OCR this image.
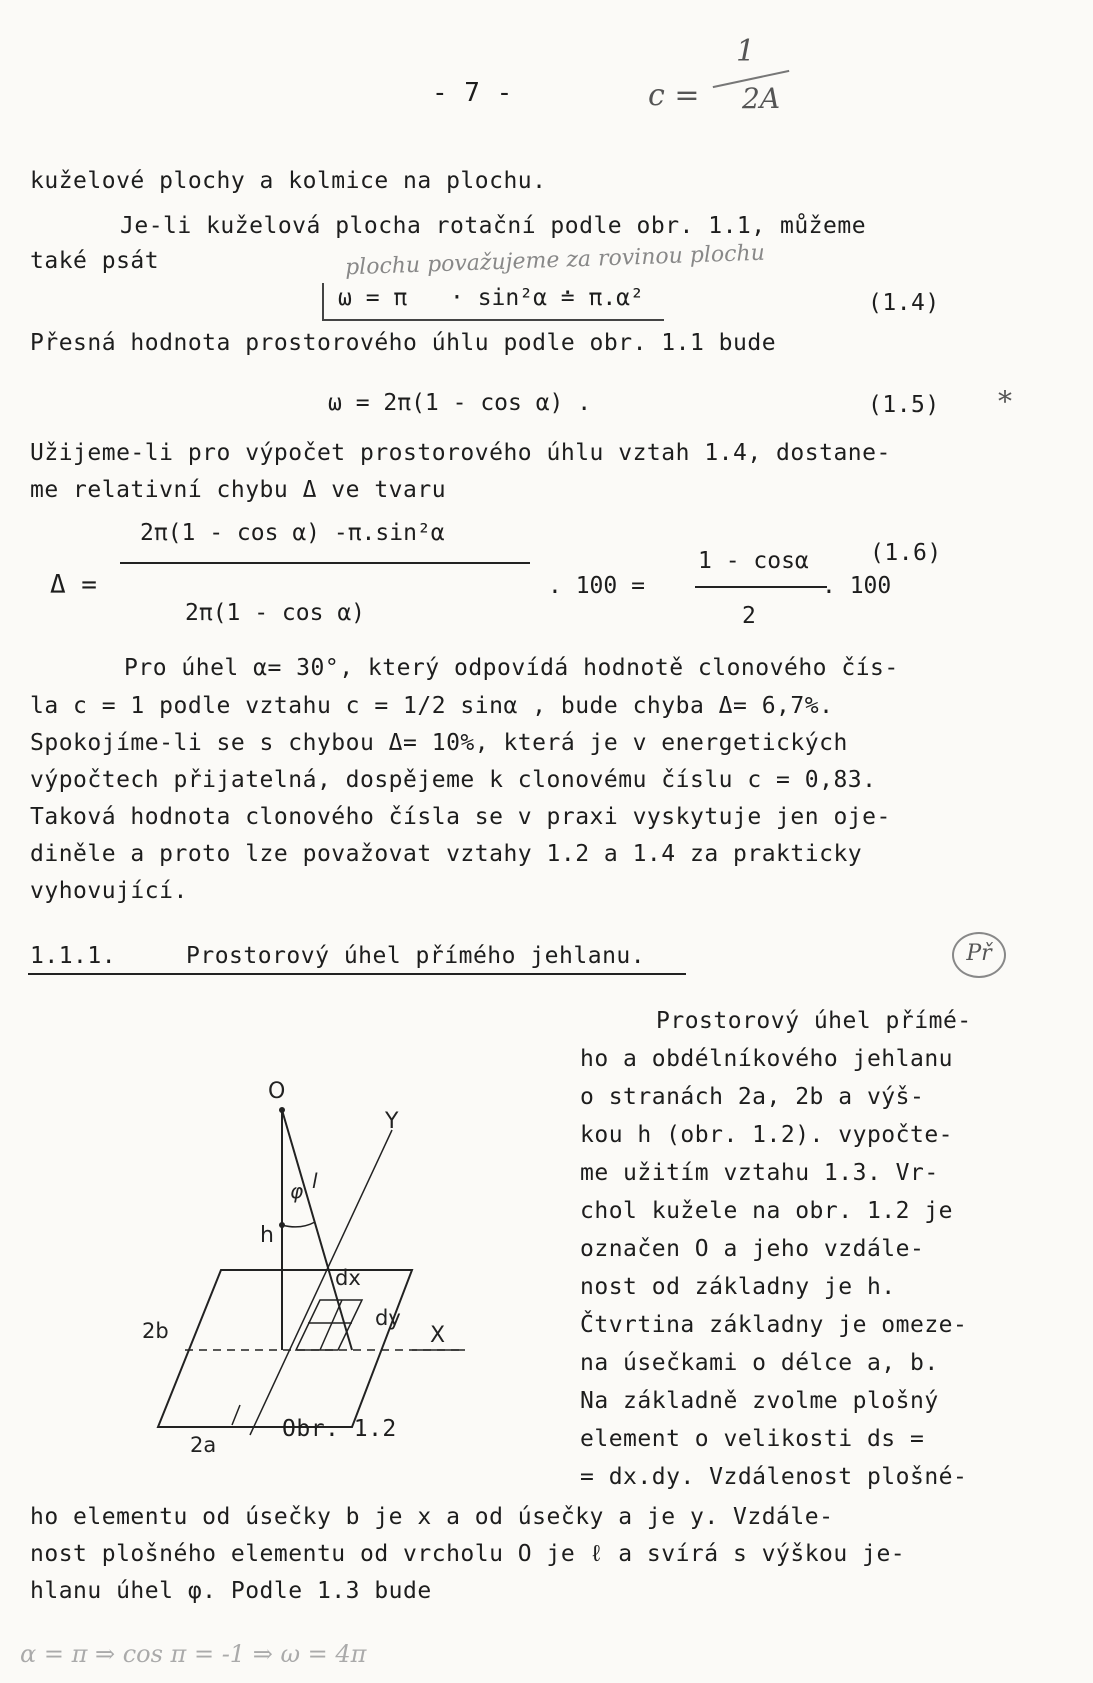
- 7 -	c =
1
2A
kuželové plochy a kolmice na plochu.
Je-li kuželová plocha rotační podle obr. 1.1, můžeme
také psát	plochu považujeme za rovinou plochu
ω = π · sin²α ≐ π.α²	(1.4)
Přesná hodnota prostorového úhlu podle obr. 1.1 bude
ω = 2π(1 - cos α) .	(1.5) *
Užijeme-li pro výpočet prostorového úhlu vztah 1.4, dostane-
me relativní chybu Δ ve tvaru
Δ =
2π(1 - cos α) -π.sin²α
2π(1 - cos α)
. 100 =
1 - cosα
2
. 100
(1.6)
Pro úhel α= 30°, který odpovídá hodnotě clonového čís-
la c = 1 podle vztahu c = 1/2 sinα , bude chyba Δ= 6,7%.
Spokojíme-li se s chybou Δ= 10%, která je v energetických
výpočtech přijatelná, dospějeme k clonovému číslu c = 0,83.
Taková hodnota clonového čísla se v praxi vyskytuje jen oje-
diněle a proto lze považovat vztahy 1.2 a 1.4 za prakticky
vyhovující.
1.1.1.	Prostorový úhel přímého jehlanu.	Př
Prostorový úhel přímé-
ho a obdélníkového jehlanu
o stranách 2a, 2b a výš-
kou h (obr. 1.2). vypočte-
me užitím vztahu 1.3. Vr-
chol kužele na obr. 1.2 je
označen O a jeho vzdále-
nost od základny je h.
Čtvrtina základny je omeze-
na úsečkami o délce a, b.
Na základně zvolme plošný
element o velikosti ds =
= dx.dy. Vzdálenost plošné-
O
h
φ l
Y
X
dx
dy
2b
2a
Obr. 1.2
ho elementu od úsečky b je x a od úsečky a je y. Vzdále-
nost plošného elementu od vrcholu O je ℓ a svírá s výškou je-
hlanu úhel φ. Podle 1.3 bude
α = π ⇒ cos π = -1 ⇒ ω = 4π
